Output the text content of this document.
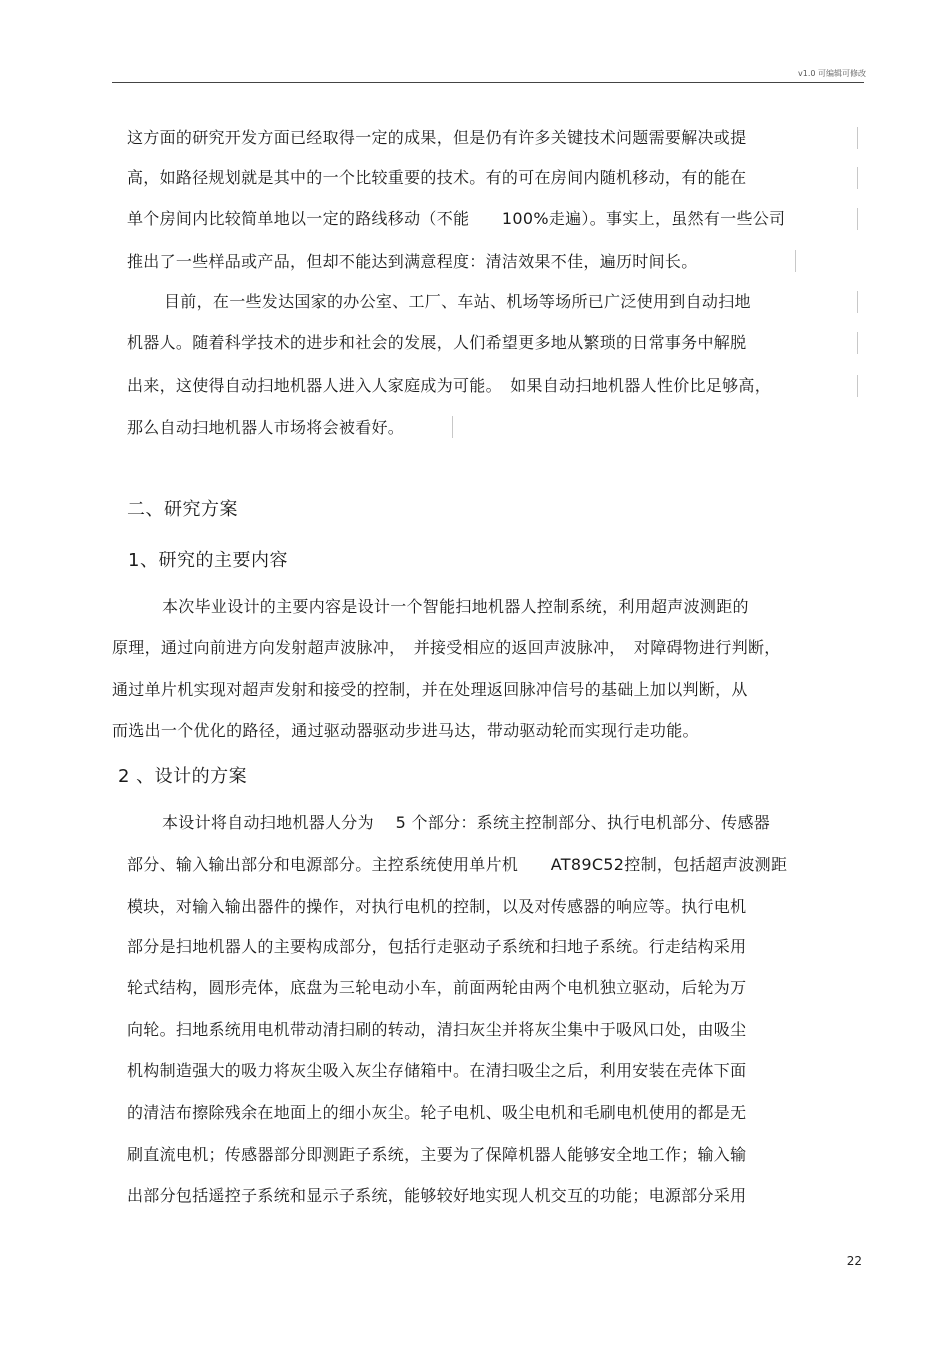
v1.0 可编辑可修改
这方面的研究开发方面已经取得一定的成果，但是仍有许多关键技术问题需要解决或提
高，如路径规划就是其中的一个比较重要的技术。有的可在房间内随机移动，有的能在
单个房间内比较简单地以一定的路线移动（不能　　100%走遍）。事实上，虽然有一些公司
推出了一些样品或产品，但却不能达到满意程度：清洁效果不佳，遍历时间长。
目前，在一些发达国家的办公室、工厂、车站、机场等场所已广泛使用到自动扫地
机器人。随着科学技术的进步和社会的发展，人们希望更多地从繁琐的日常事务中解脱
出来，这使得自动扫地机器人进入人家庭成为可能。　如果自动扫地机器人性价比足够高，
那么自动扫地机器人市场将会被看好。
二、研究方案
1、研究的主要内容
本次毕业设计的主要内容是设计一个智能扫地机器人控制系统，利用超声波测距的
原理，通过向前进方向发射超声波脉冲，　并接受相应的返回声波脉冲，　对障碍物进行判断，
通过单片机实现对超声发射和接受的控制，并在处理返回脉冲信号的基础上加以判断，从
而选出一个优化的路径，通过驱动器驱动步进马达，带动驱动轮而实现行走功能。
2 、设计的方案
本设计将自动扫地机器人分为　 5 个部分：系统主控制部分、执行电机部分、传感器
部分、输入输出部分和电源部分。主控系统使用单片机　　AT89C52控制，包括超声波测距
模块，对输入输出器件的操作，对执行电机的控制，以及对传感器的响应等。执行电机
部分是扫地机器人的主要构成部分，包括行走驱动子系统和扫地子系统。行走结构采用
轮式结构，圆形壳体，底盘为三轮电动小车，前面两轮由两个电机独立驱动，后轮为万
向轮。扫地系统用电机带动清扫刷的转动，清扫灰尘并将灰尘集中于吸风口处，由吸尘
机构制造强大的吸力将灰尘吸入灰尘存储箱中。在清扫吸尘之后，利用安装在壳体下面
的清洁布擦除残余在地面上的细小灰尘。轮子电机、吸尘电机和毛刷电机使用的都是无
刷直流电机；传感器部分即测距子系统，主要为了保障机器人能够安全地工作；输入输
出部分包括遥控子系统和显示子系统，能够较好地实现人机交互的功能；电源部分采用
22
